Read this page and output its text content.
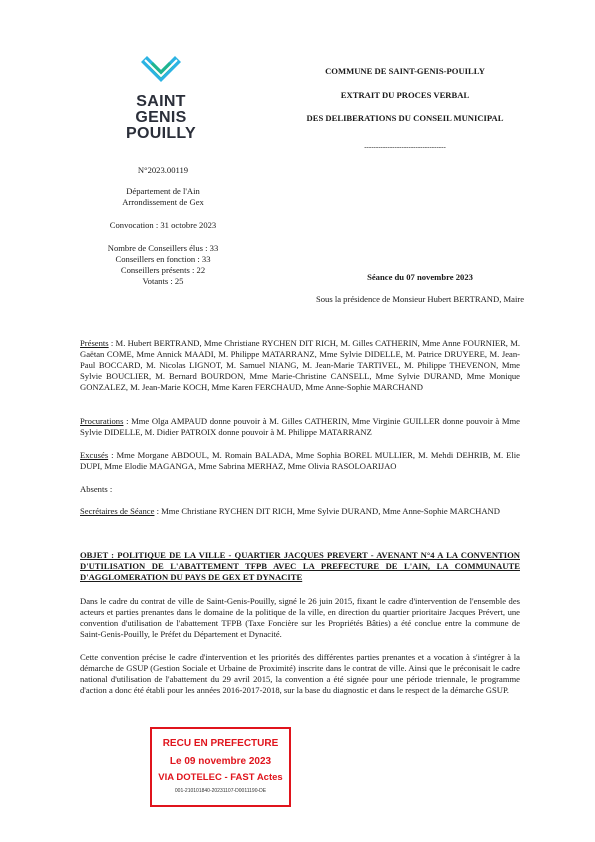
SAINT
GENIS
POUILLY
N°2023.00119
Département de l'Ain
Arrondissement de Gex
Convocation : 31 octobre 2023
Nombre de Conseillers élus : 33
Conseillers en fonction : 33
Conseillers présents : 22
Votants : 25
COMMUNE DE SAINT-GENIS-POUILLY
EXTRAIT DU PROCES VERBAL
DES DELIBERATIONS DU CONSEIL MUNICIPAL
-----------------------------------
Séance du 07 novembre 2023
Sous la présidence de Monsieur Hubert BERTRAND, Maire
Présents : M. Hubert BERTRAND, Mme Christiane RYCHEN DIT RICH, M. Gilles CATHERIN, Mme Anne FOURNIER, M. Gaëtan COME, Mme Annick MAADI, M. Philippe MATARRANZ, Mme Sylvie DIDELLE, M. Patrice DRUYERE, M. Jean-Paul BOCCARD, M. Nicolas LIGNOT, M. Samuel NIANG, M. Jean-Marie TARTIVEL, M. Philippe THEVENON, Mme Sylvie BOUCLIER, M. Bernard BOURDON, Mme Marie-Christine CANSELL, Mme Sylvie DURAND, Mme Monique GONZALEZ, M. Jean-Marie KOCH, Mme Karen FERCHAUD, Mme Anne-Sophie MARCHAND
Procurations : Mme Olga AMPAUD donne pouvoir à M. Gilles CATHERIN, Mme Virginie GUILLER donne pouvoir à Mme Sylvie DIDELLE, M. Didier PATROIX donne pouvoir à M. Philippe MATARRANZ
Excusés : Mme Morgane ABDOUL, M. Romain BALADA, Mme Sophia BOREL MULLIER, M. Mehdi DEHRIB, M. Elie DUPI, Mme Elodie MAGANGA, Mme Sabrina MERHAZ, Mme Olivia RASOLOARIJAO
Absents :
Secrétaires de Séance : Mme Christiane RYCHEN DIT RICH, Mme Sylvie DURAND, Mme Anne-Sophie MARCHAND
OBJET : POLITIQUE DE LA VILLE - QUARTIER JACQUES PREVERT - AVENANT N°4 A LA CONVENTION D'UTILISATION DE L'ABATTEMENT TFPB AVEC LA PREFECTURE DE L'AIN, LA COMMUNAUTE D'AGGLOMERATION DU PAYS DE GEX ET DYNACITE
Dans le cadre du contrat de ville de Saint-Genis-Pouilly, signé le 26 juin 2015, fixant le cadre d'intervention de l'ensemble des acteurs et parties prenantes dans le domaine de la politique de la ville, en direction du quartier prioritaire Jacques Prévert, une convention d'utilisation de l'abattement TFPB (Taxe Foncière sur les Propriétés Bâties) a été conclue entre la commune de Saint-Genis-Pouilly, le Préfet du Département et Dynacité.
Cette convention précise le cadre d'intervention et les priorités des différentes parties prenantes et a vocation à s'intégrer à la démarche de GSUP (Gestion Sociale et Urbaine de Proximité) inscrite dans le contrat de ville. Ainsi que le préconisait le cadre national d'utilisation de l'abattement du 29 avril 2015, la convention a été signée pour une période triennale, le programme d'action a donc été établi pour les années 2016-2017-2018, sur la base du diagnostic et dans le respect de la démarche GSUP.
RECU EN PREFECTURE
Le 09 novembre 2023
VIA DOTELEC - FAST Actes
001-210101840-20231107-D0011190-DE
